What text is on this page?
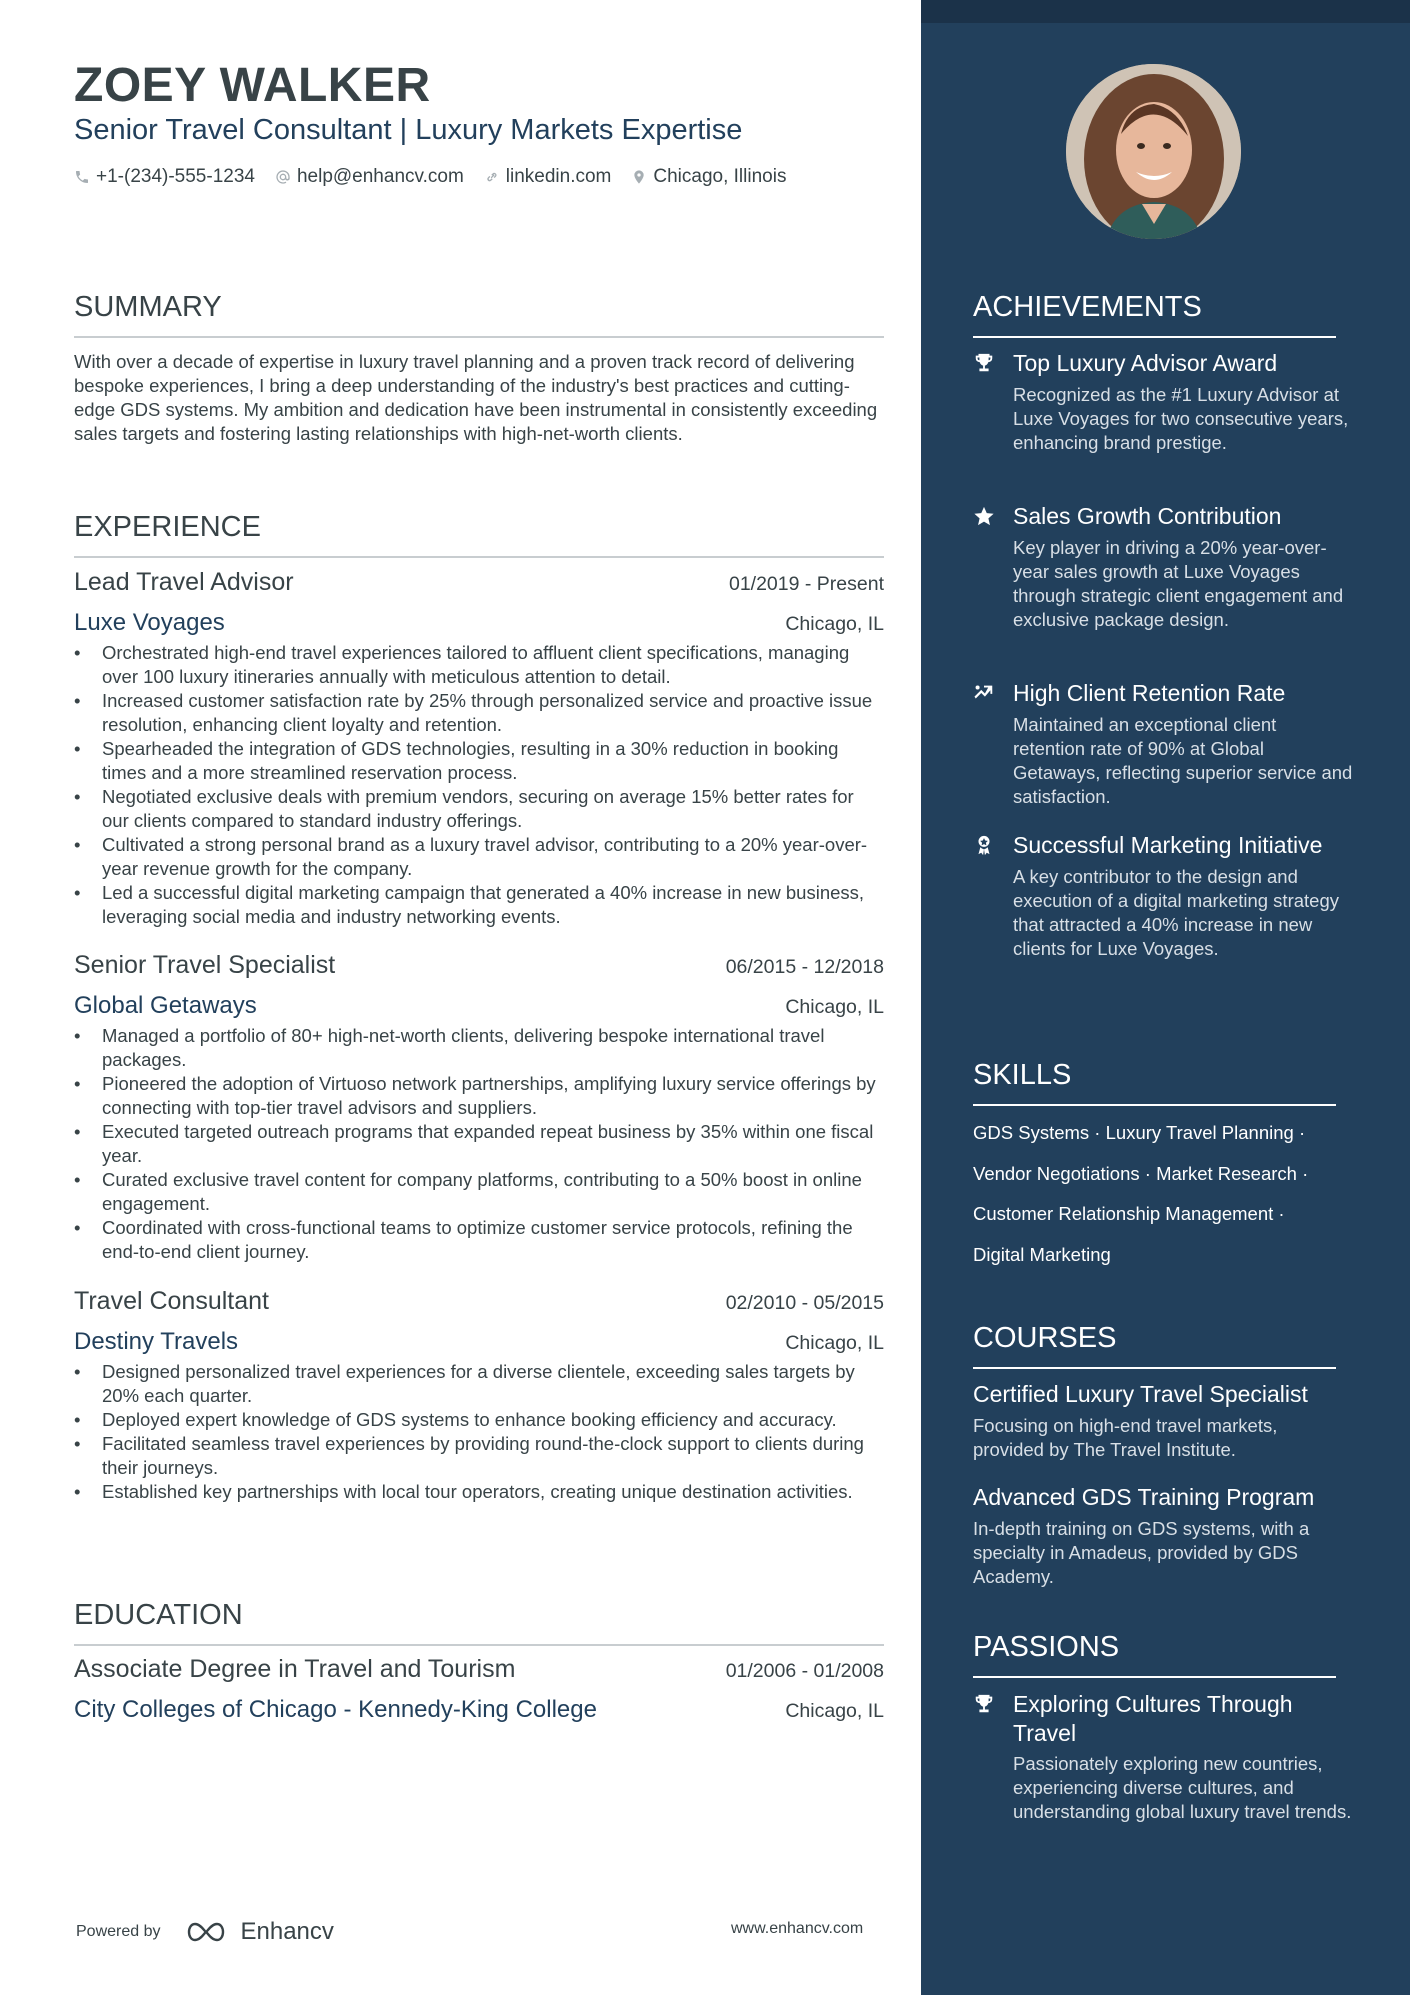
ZOEY WALKER
Senior Travel Consultant | Luxury Markets Expertise
+1-(234)-555-1234 help@enhancv.com linkedin.com Chicago, Illinois
SUMMARY

With over a decade of expertise in luxury travel planning and a proven track record of delivering bespoke experiences, I bring a deep understanding of the industry's best practices and cutting-edge GDS systems. My ambition and dedication have been instrumental in consistently exceeding sales targets and fostering lasting relationships with high-net-worth clients.

EXPERIENCE
Lead Travel Advisor	01/2019 - Present
Luxe Voyages	Chicago, IL
• Orchestrated high-end travel experiences tailored to affluent client specifications, managing over 100 luxury itineraries annually with meticulous attention to detail.
• Increased customer satisfaction rate by 25% through personalized service and proactive issue resolution, enhancing client loyalty and retention.
• Spearheaded the integration of GDS technologies, resulting in a 30% reduction in booking times and a more streamlined reservation process.
• Negotiated exclusive deals with premium vendors, securing on average 15% better rates for our clients compared to standard industry offerings.
• Cultivated a strong personal brand as a luxury travel advisor, contributing to a 20% year-over-year revenue growth for the company.
• Led a successful digital marketing campaign that generated a 40% increase in new business, leveraging social media and industry networking events.
Senior Travel Specialist	06/2015 - 12/2018
Global Getaways	Chicago, IL
• Managed a portfolio of 80+ high-net-worth clients, delivering bespoke international travel packages.
• Pioneered the adoption of Virtuoso network partnerships, amplifying luxury service offerings by connecting with top-tier travel advisors and suppliers.
• Executed targeted outreach programs that expanded repeat business by 35% within one fiscal year.
• Curated exclusive travel content for company platforms, contributing to a 50% boost in online engagement.
• Coordinated with cross-functional teams to optimize customer service protocols, refining the end-to-end client journey.
Travel Consultant	02/2010 - 05/2015
Destiny Travels	Chicago, IL
• Designed personalized travel experiences for a diverse clientele, exceeding sales targets by 20% each quarter.
• Deployed expert knowledge of GDS systems to enhance booking efficiency and accuracy.
• Facilitated seamless travel experiences by providing round-the-clock support to clients during their journeys.
• Established key partnerships with local tour operators, creating unique destination activities.
EDUCATION
Associate Degree in Travel and Tourism	01/2006 - 01/2008
City Colleges of Chicago - Kennedy-King College	Chicago, IL
Powered by	Enhancv	www.enhancv.com
ACHIEVEMENTS
Top Luxury Advisor Award
Recognized as the #1 Luxury Advisor at Luxe Voyages for two consecutive years, enhancing brand prestige.
Sales Growth Contribution
Key player in driving a 20% year-over-year sales growth at Luxe Voyages through strategic client engagement and exclusive package design.
High Client Retention Rate
Maintained an exceptional client retention rate of 90% at Global Getaways, reflecting superior service and satisfaction.
Successful Marketing Initiative
A key contributor to the design and execution of a digital marketing strategy that attracted a 40% increase in new clients for Luxe Voyages.
SKILLS
GDS Systems · Luxury Travel Planning ·
Vendor Negotiations · Market Research ·
Customer Relationship Management ·
Digital Marketing
COURSES
Certified Luxury Travel Specialist
Focusing on high-end travel markets, provided by The Travel Institute.
Advanced GDS Training Program
In-depth training on GDS systems, with a specialty in Amadeus, provided by GDS Academy.
PASSIONS
Exploring Cultures Through Travel
Passionately exploring new countries, experiencing diverse cultures, and understanding global luxury travel trends.
